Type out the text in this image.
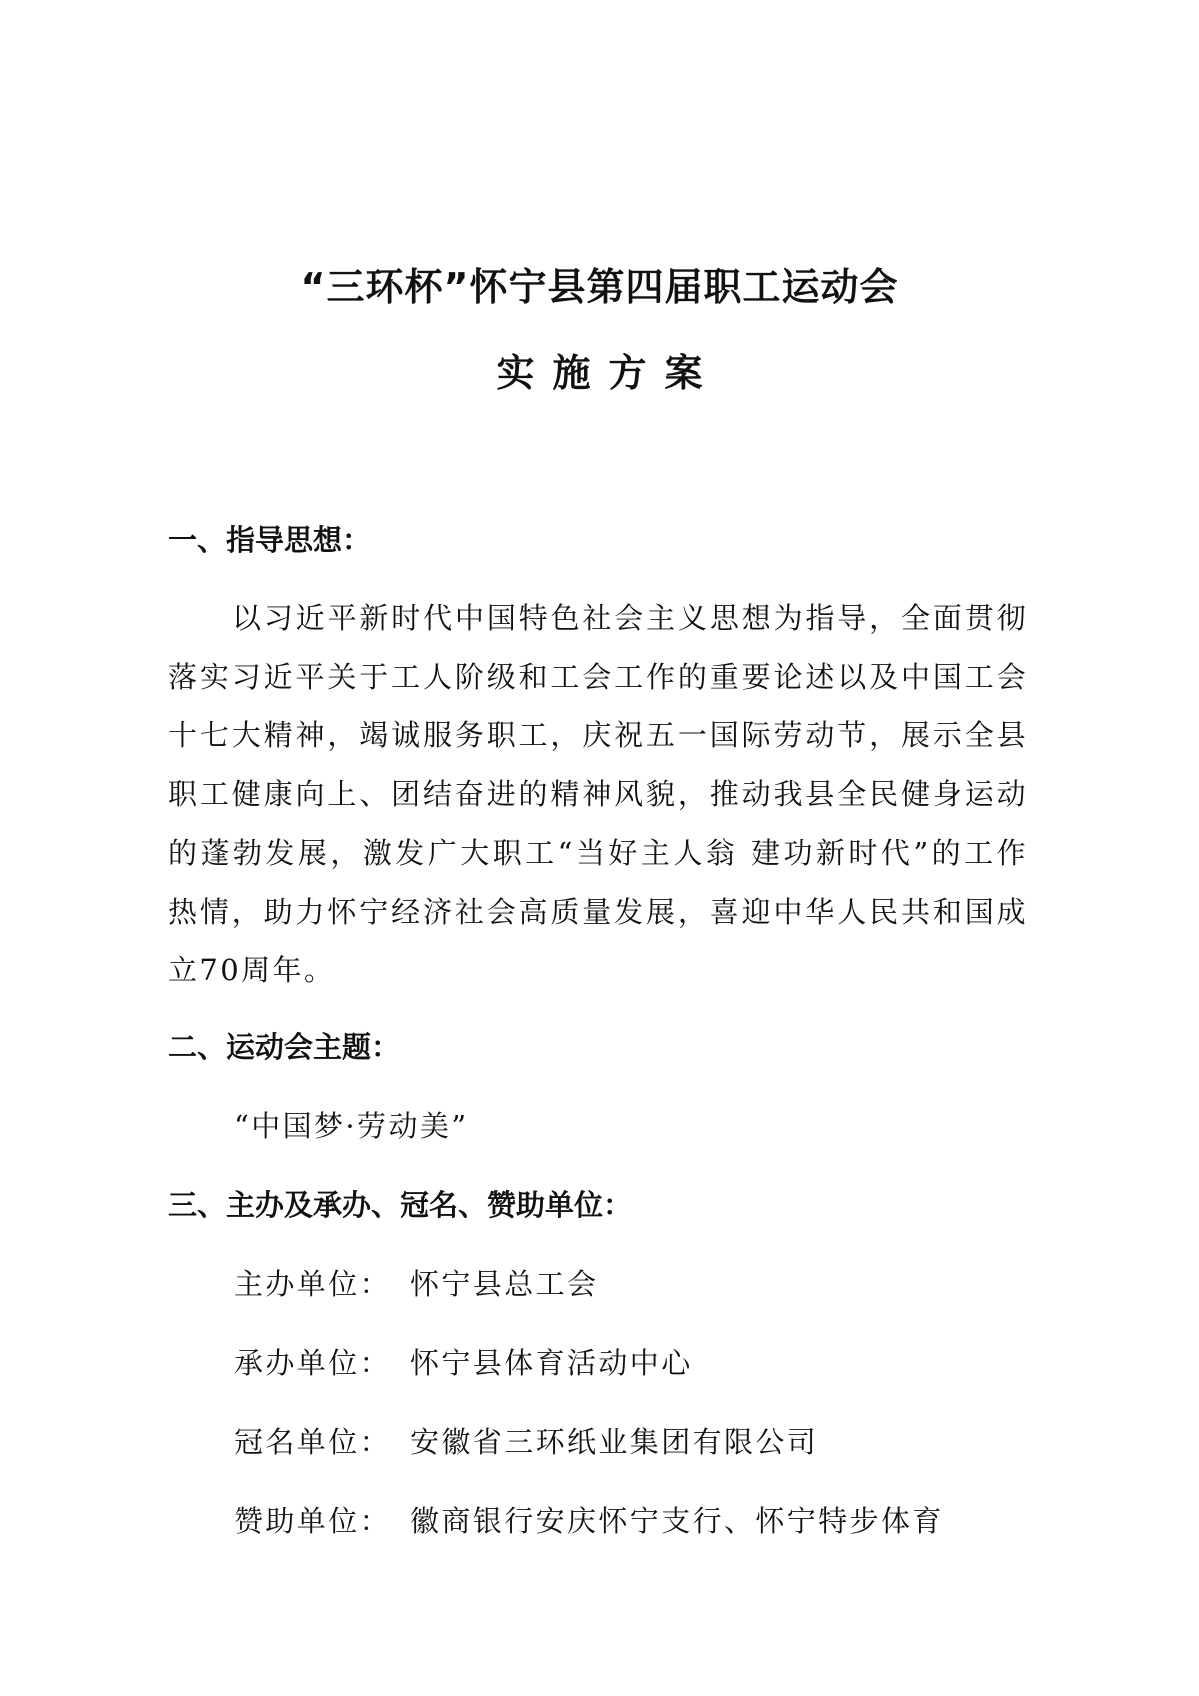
“三环杯”怀宁县第四届职工运动会
实施方案
一、指导思想：
以习近平新时代中国特色社会主义思想为指导，全面贯彻落实习近平关于工人阶级和工会工作的重要论述以及中国工会十七大精神，竭诚服务职工，庆祝五一国际劳动节，展示全县职工健康向上、团结奋进的精神风貌，推动我县全民健身运动的蓬勃发展，激发广大职工“当好主人翁 建功新时代”的工作热情，助力怀宁经济社会高质量发展，喜迎中华人民共和国成立70周年。
二、运动会主题：
“中国梦·劳动美”
三、主办及承办、冠名、赞助单位：
主办单位： 怀宁县总工会
承办单位： 怀宁县体育活动中心
冠名单位： 安徽省三环纸业集团有限公司
赞助单位： 徽商银行安庆怀宁支行、怀宁特步体育
